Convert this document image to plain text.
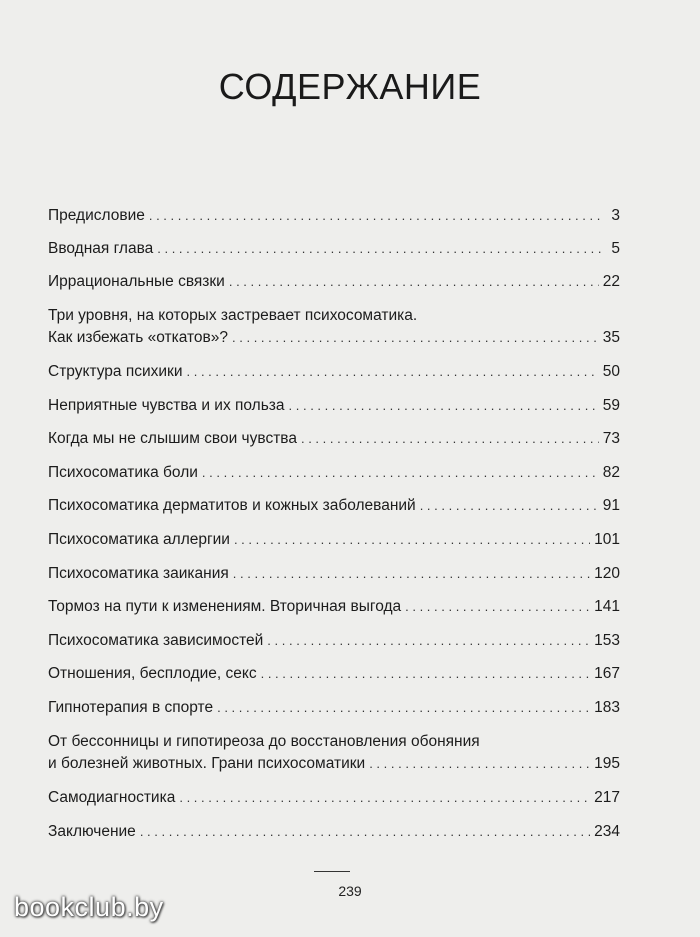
СОДЕРЖАНИЕ
Предисловие . . .	3
Вводная глава . . .	5
Иррациональные связки . . .	22
Три уровня, на которых застревает психосоматика.
Как избежать «откатов»? . . .	35
Структура психики . . .	50
Неприятные чувства и их польза . . .	59
Когда мы не слышим свои чувства . . .	73
Психосоматика боли . . .	82
Психосоматика дерматитов и кожных заболеваний . . .	91
Психосоматика аллергии . . .	101
Психосоматика заикания . . .	120
Тормоз на пути к изменениям. Вторичная выгода . . .	141
Психосоматика зависимостей . . .	153
Отношения, бесплодие, секс . . .	167
Гипнотерапия в спорте . . .	183
От бессонницы и гипотиреоза до восстановления обоняния
и болезней животных. Грани психосоматики . . .	195
Самодиагностика . . .	217
Заключение . . .	234
239
bookclub.by
